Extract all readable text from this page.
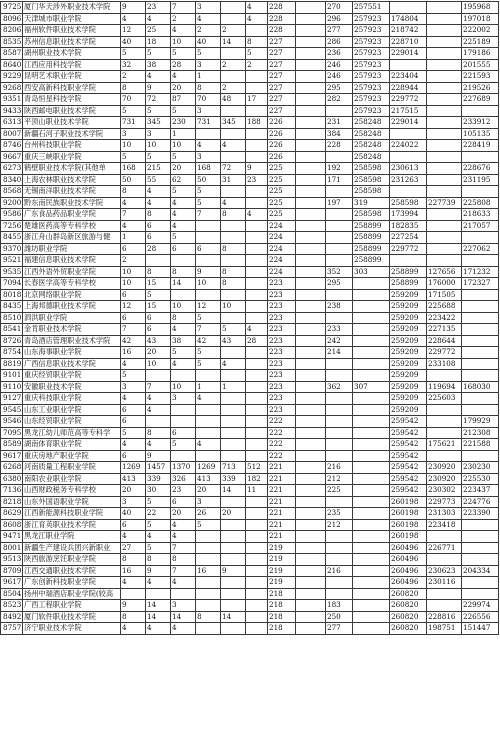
9725	厦门华天涉外职业技术学院	9	23	7	3		4	228		270	257551			195968
8096	天津城市职业学院	4	4	2	4		4	228		296	257923	174804		197018
8206	福州软件职业技术学院	12	25	4	2	2		228		277	257923	218742		222002
8535	苏州信息职业技术学院	40	18	10	40	14	8	227		286	257923	228710		225189
8587	湖州职业技术学院	5	5	5	5		5	227		236	257923	229014		179186
8640	江西应用科技学院	32	38	28	3	2	2	227		246	257923			201555
9229	昆明艺术职业学院	2	4	4	1			227		246	257923	223404		221593
9268	西安高新科技职业学院	8	9	20	8	2		227		295	257923	228944		219526
9351	青岛恒星科技学院	70	72	87	70	48	17	227		282	257923	229772		227689
9433	陕西邮电职业技术学院	5	5	5	3			227			257923	217515		
6313	平顶山职业技术学院	731	345	230	731	345	188	226		231	258248	229014		233912
8007	新疆石河子职业技术学院	3	3	1				226		384	258248			105135
8746	台州科技职业学院	10	10	10	4	4		226		228	258248	224022		228419
9667	重庆三峡职业学院	5	5	5	3			226			258248			
6273	鹤壁职业技术学院(其他单	168	215	20	168	72	9	225		192	258598	230613		228676
8340	上海农林职业技术学院	50	55	62	50	31	23	225		171	258598	231263		231195
8568	无锡南洋职业技术学院	8	4	5	5			225			258598			
9200	黔东南民族职业技术学院	4	4	4	5	4		225		197	319	258598	227739	225808
9586	广东食品药品职业学院	7	8	4	7	8	4	225			258598	173994		218633
7256	楚雄医药高等专科学校	4	6	4				224			258899	182835		217057
8455	浙江舟山群岛新区旅游与健	1	6	5				224			258899	227254		
9370	潍坊职业学院	6	28	6	6	8		224			258899	229772		227062
9521	福建信息职业技术学院	2						224			258899			
9535	江西外语外贸职业学院	10	8	8	9	8		224		352	303	258899	127656	171232
7094	长春医学高等专科学校	10	15	14	10	8		223		295		258899	176000	172327
8018	北京网络职业学院	6	5					223				259209	171505	
8435	上海邦德职业技术学院	12	15	10	12	10		223		238		259209	225688	
8510	泗洪职业学院	6	6	8	5			223				259209	223422	
8541	金肯职业技术学院	7	6	4	7	5	4	223		233		259209	227135	
8726	青岛酒店管理职业技术学院	42	43	38	42	43	28	223		242		259209	228644	
8754	山东海事职业学院	16	20	5	5			223		214		259209	229772	
8819	广西信息职业技术学院	4	10	4	5	4		223				259209	233108	
9101	重庆经贸职业学院	5						223				259209		
9110	安徽职业技术学院	3	7	10	1	1		223		362	307	259209	119694	168030
9127	重庆科技职业学院	4	4	3	4			223				259209	225603	
9545	山东工业职业学院	6	4					223				259209		
9546	山东经贸职业学院	6						222				259542		179929
7095	黑龙江幼儿师范高等专科学	5	8	6				222				259542		212308
8589	湖南体育职业学院	4	4	5	4			222				259542	175621	221588
9617	重庆房地产职业学院	6	9					222				259542		
6268	河南质量工程职业学院	1269	1457	1370	1269	713	512	221		216		259542	230920	230230
6380	南阳农业职业学院	413	339	326	413	339	182	221		212		259542	230920	225530
7136	山西财政税务专科学校	20	30	23	20	14	11	221		225		259542	230302	223437
8218	山东外国语职业学院	3	5	6	3			221				260198	229773	224776
8629	江西新能源科技职业学院	40	22	20	26	20		221		235		260198	231303	223390
8608	浙江育英职业技术学院	6	5	4	5			221		212		260198	223418	
9471	黑龙江职业学院	4	4	4				221				260198		
8001	新疆生产建设兵团兴新职业	27	5	7				219				260496	226771	
9513	陕西旅游烹饪职业学院	8	8	8				219				260496		
8709	江西交通职业技术学院	16	9	7	16	9		219		216		260496	230623	204334
9617	广东创新科技职业学院	4	4	4				219				260496	230116	
8504	扬州中瑞酒店职业学院(较高							218				260820		
8523	广西工程职业学院	9	14	3				218		183		260820		229974
8492	厦门软件职业技术学院	8	14	14	8	14		218		250		260820	228816	226556
8757	济宁职业技术学院	4	4	4				218		277		260820	198751	151447
